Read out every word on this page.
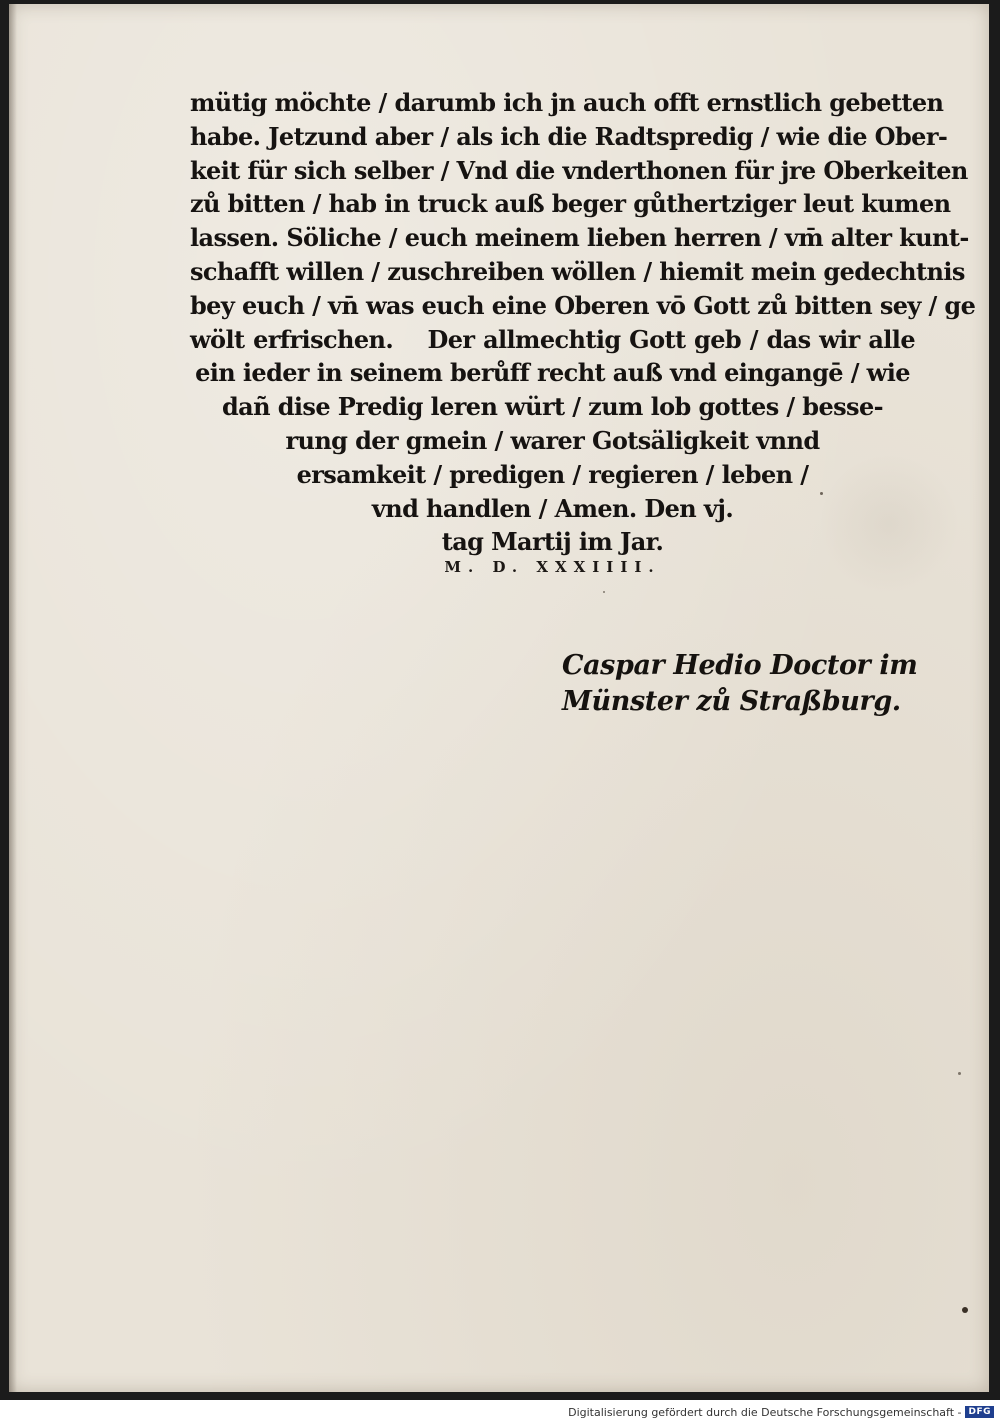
mütig möchte / darumb ich jn auch offt ernstlich gebetten
habe. Jetzund aber / als ich die Radtspredig / wie die Ober-
keit für sich selber / Vnd die vnderthonen für jre Oberkeiten
zů bitten / hab in truck auß beger gůthertziger leut kumen
lassen. Söliche / euch meinem lieben herren / vm̄ alter kunt-
schafft willen / zuschreiben wöllen / hiemit mein gedechtnis
bey euch / vn̄ was euch eine Oberen vō Gott zů bitten sey / ge
wölt erfrischen.    Der allmechtig Gott geb / das wir alle
ein ieder in seinem berůff recht auß vnd eingangē / wie
dañ dise Predig leren würt / zum lob gottes / besse-
rung der gmein / warer Gotsäligkeit vnnd
ersamkeit / predigen / regieren / leben /
vnd handlen / Amen. Den vj.
tag Martij im Jar.
M. D. XXXIIII.
Caspar Hedio Doctor im
Münster zů Straßburg.
Digitalisierung gefördert durch die Deutsche Forschungsgemeinschaft - DFG
